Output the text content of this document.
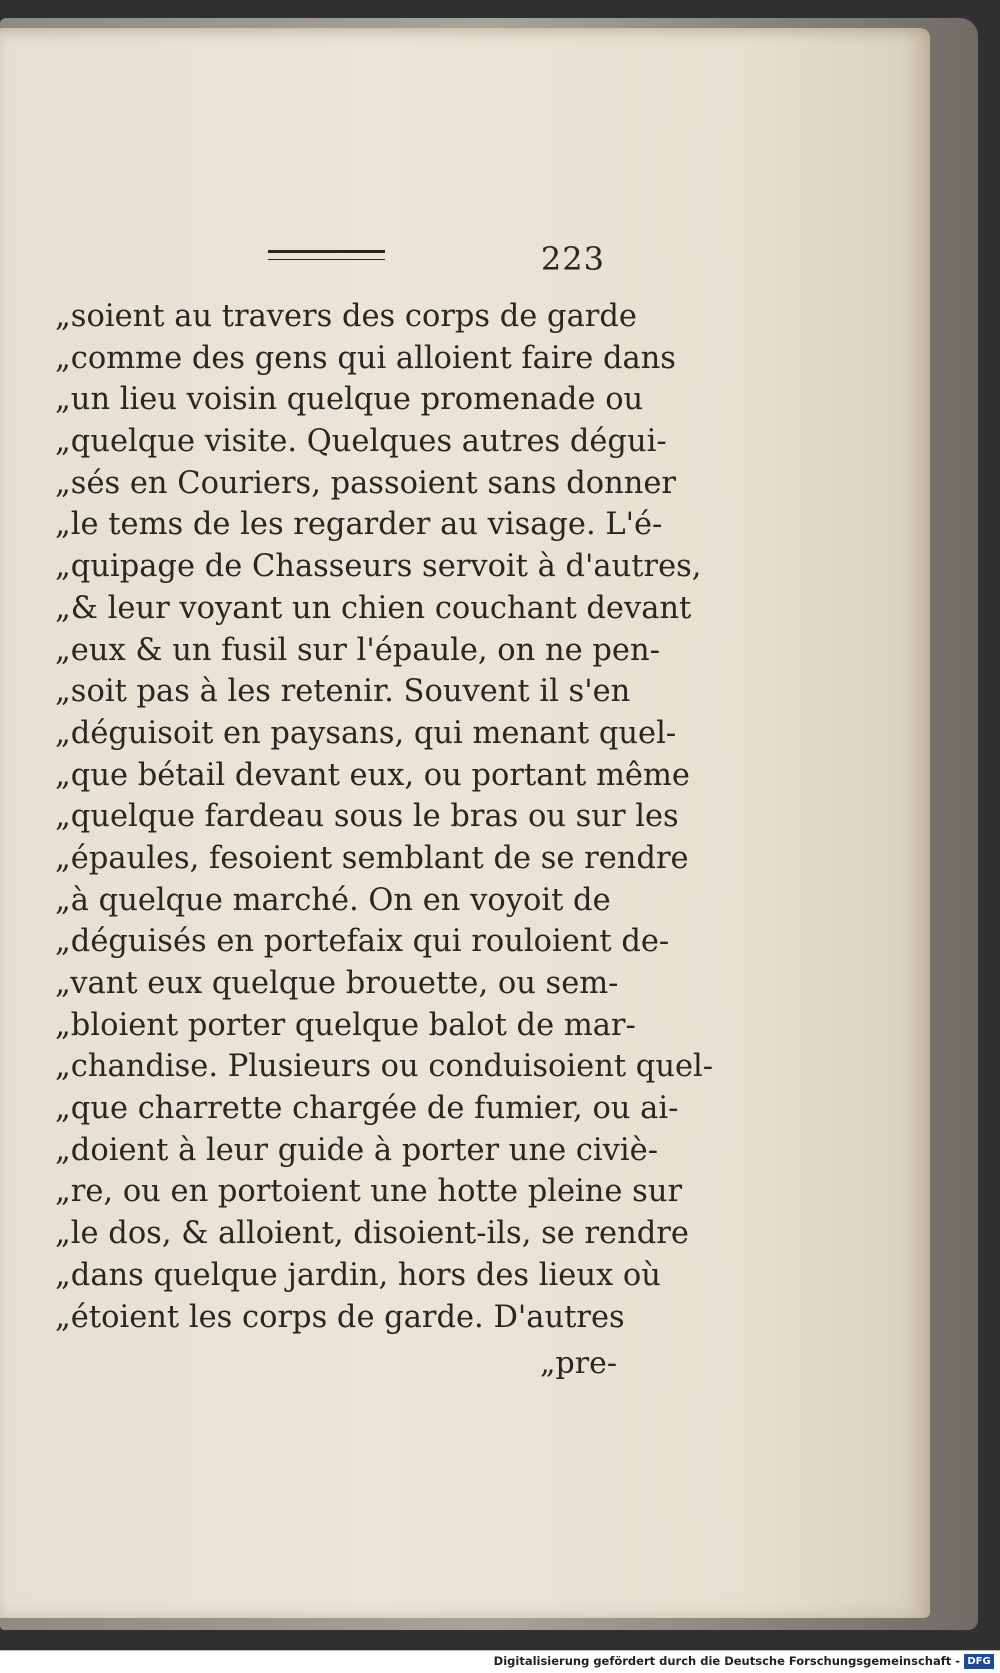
223
„soient au travers des corps de garde
„comme des gens qui alloient faire dans
„un lieu voisin quelque promenade ou
„quelque visite. Quelques autres dégui-
„sés en Couriers, passoient sans donner
„le tems de les regarder au visage. L'é-
„quipage de Chasseurs servoit à d'autres,
„& leur voyant un chien couchant devant
„eux & un fusil sur l'épaule, on ne pen-
„soit pas à les retenir. Souvent il s'en
„déguisoit en paysans, qui menant quel-
„que bétail devant eux, ou portant même
„quelque fardeau sous le bras ou sur les
„épaules, fesoient semblant de se rendre
„à quelque marché. On en voyoit de
„déguisés en portefaix qui rouloient de-
„vant eux quelque brouette, ou sem-
„bloient porter quelque balot de mar-
„chandise. Plusieurs ou conduisoient quel-
„que charrette chargée de fumier, ou ai-
„doient à leur guide à porter une civiè-
„re, ou en portoient une hotte pleine sur
„le dos, & alloient, disoient-ils, se rendre
„dans quelque jardin, hors des lieux où
„étoient les corps de garde. D'autres
„pre-
Digitalisierung gefördert durch die Deutsche Forschungsgemeinschaft - DFG
